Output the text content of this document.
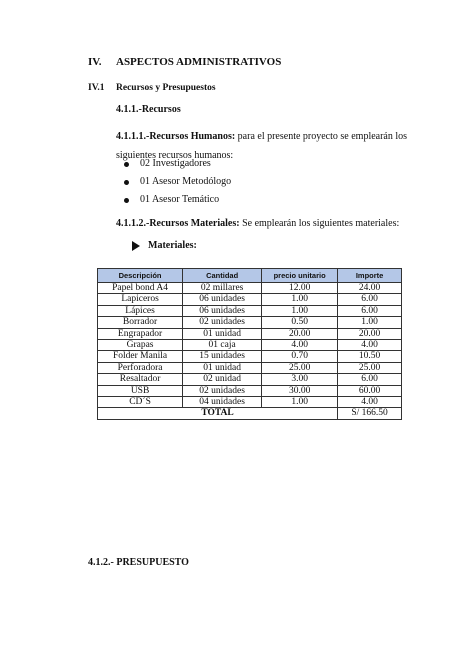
IV. ASPECTOS ADMINISTRATIVOS
IV.1 Recursos y Presupuestos
4.1.1.-Recursos
4.1.1.1.-Recursos Humanos: para el presente proyecto se emplearán los siguientes recursos humanos:
02 Investigadores
01 Asesor Metodólogo
01 Asesor Temático
4.1.1.2.-Recursos Materiales: Se emplearán los siguientes materiales:
Materiales:
Descripción	Cantidad	precio unitario	Importe
Papel bond A4	02 millares	12.00	24.00
Lapiceros	06 unidades	1.00	6.00
Lápices	06 unidades	1.00	6.00
Borrador	02 unidades	0.50	1.00
Engrapador	01 unidad	20.00	20.00
Grapas	01 caja	4.00	4.00
Folder Manila	15 unidades	0.70	10.50
Perforadora	01 unidad	25.00	25.00
Resaltador	02 unidad	3.00	6.00
USB	02 unidades	30.00	60.00
CD´S	04 unidades	1.00	4.00
TOTAL			S/ 166.50
4.1.2.- PRESUPUESTO
